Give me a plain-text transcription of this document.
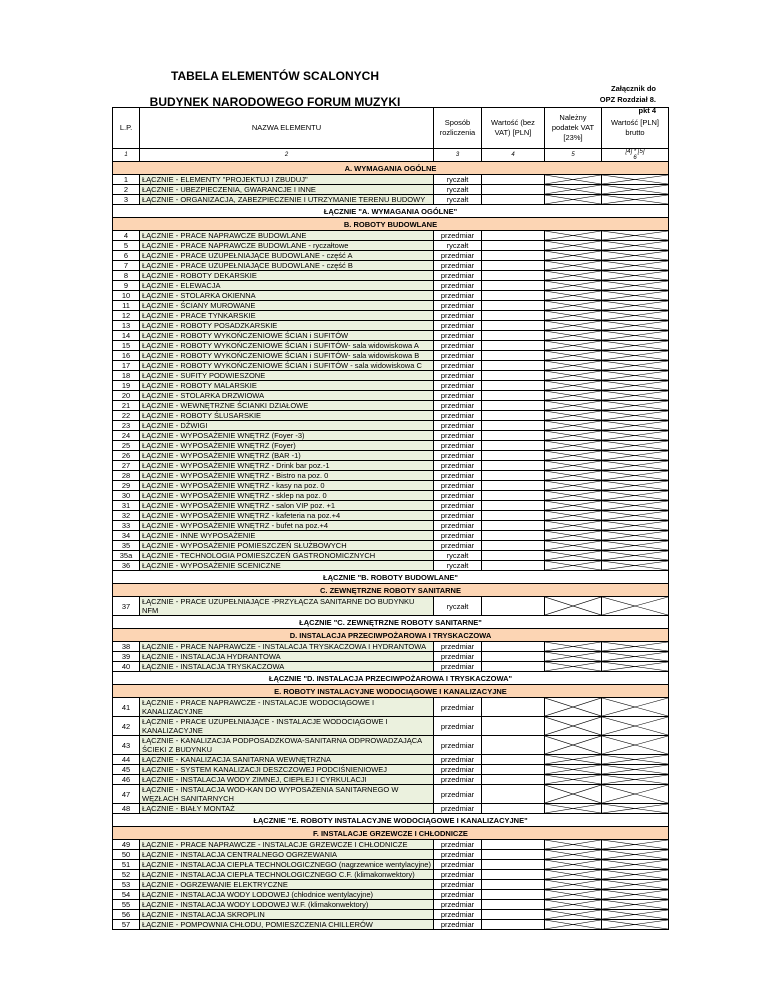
TABELA ELEMENTÓW SCALONYCH
BUDYNEK NARODOWEGO FORUM MUZYKI
Załącznik do
OPZ Rozdział 8.
pkt 4
L.P.	NAZWA ELEMENTU	Sposób rozliczenia	Wartość (bez VAT) [PLN]	Należny podatek VAT [23%]	Wartość [PLN] brutto
1	2	3	4	5	[4] * [5]
6

A. WYMAGANIA OGÓLNE					
1	ŁĄCZNIE - ELEMENTY "PROJEKTUJ I ZBUDUJ"	ryczałt		

2	ŁĄCZNIE - UBEZPIECZENIA, GWARANCJE I INNE	ryczałt		

3	ŁĄCZNIE - ORGANIZACJA, ZABEZPIECZENIE I UTRZYMANIE TERENU BUDOWY	ryczałt		

ŁĄCZNIE "A. WYMAGANIA OGÓLNE"					
B. ROBOTY BUDOWLANE					
4	ŁĄCZNIE - PRACE NAPRAWCZE BUDOWLANE	przedmiar		

5	ŁĄCZNIE - PRACE NAPRAWCZE BUDOWLANE - ryczałtowe	ryczałt		

6	ŁĄCZNIE - PRACE UZUPEŁNIAJĄCE BUDOWLANE - część A	przedmiar		

7	ŁĄCZNIE - PRACE UZUPEŁNIAJĄCE BUDOWLANE - część B	przedmiar		

8	ŁĄCZNIE - ROBOTY DEKARSKIE	przedmiar		

9	ŁĄCZNIE - ELEWACJA	przedmiar		

10	ŁĄCZNIE - STOLARKA OKIENNA	przedmiar		

11	ŁĄCZNIE - ŚCIANY MUROWANE	przedmiar		

12	ŁĄCZNIE - PRACE TYNKARSKIE	przedmiar		

13	ŁĄCZNIE - ROBOTY POSADZKARSKIE	przedmiar		

14	ŁĄCZNIE - ROBOTY WYKOŃCZENIOWE ŚCIAN i SUFITÓW	przedmiar		

15	ŁĄCZNIE - ROBOTY WYKOŃCZENIOWE ŚCIAN i SUFITÓW- sala widowiskowa A	przedmiar		

16	ŁĄCZNIE - ROBOTY WYKOŃCZENIOWE ŚCIAN i SUFITÓW- sala widowiskowa B	przedmiar		

17	ŁĄCZNIE - ROBOTY WYKOŃCZENIOWE ŚCIAN i SUFITÓW - sala widowiskowa C	przedmiar		

18	ŁĄCZNIE - SUFITY PODWIESZONE	przedmiar		

19	ŁĄCZNIE - ROBOTY MALARSKIE	przedmiar		

20	ŁĄCZNIE - STOLARKA DRZWIOWA	przedmiar		

21	ŁĄCZNIE - WEWNĘTRZNE ŚCIANKI DZIAŁOWE	przedmiar		

22	ŁĄCZNIE - ROBOTY ŚLUSARSKIE	przedmiar		

23	ŁĄCZNIE - DŹWIGI	przedmiar		

24	ŁĄCZNIE - WYPOSAŻENIE WNĘTRZ (Foyer -3)	przedmiar		

25	ŁĄCZNIE - WYPOSAŻENIE WNĘTRZ (Foyer)	przedmiar		

26	ŁĄCZNIE - WYPOSAŻENIE WNĘTRZ (BAR -1)	przedmiar		

27	ŁĄCZNIE - WYPOSAŻENIE WNĘTRZ - Drink bar poz.-1	przedmiar		

28	ŁĄCZNIE - WYPOSAŻENIE WNĘTRZ - Bistro na poz. 0	przedmiar		

29	ŁĄCZNIE - WYPOSAŻENIE WNĘTRZ - kasy na poz. 0	przedmiar		

30	ŁĄCZNIE - WYPOSAŻENIE WNĘTRZ - sklep na poz. 0	przedmiar		

31	ŁĄCZNIE - WYPOSAŻENIE WNĘTRZ - salon VIP poz. +1	przedmiar		

32	ŁĄCZNIE - WYPOSAŻENIE WNĘTRZ - kafeteria na poz.+4	przedmiar		

33	ŁĄCZNIE - WYPOSAŻENIE WNĘTRZ - bufet na poz.+4	przedmiar		

34	ŁĄCZNIE - INNE WYPOSAŻENIE	przedmiar		

35	ŁĄCZNIE - WYPOSAŻENIE POMIESZCZEŃ SŁUŻBOWYCH	przedmiar		

35a	ŁĄCZNIE - TECHNOLOGIA POMIESZCZEŃ GASTRONOMICZNYCH	ryczałt		

36	ŁĄCZNIE - WYPOSAŻENIE SCENICZNE	ryczałt		

ŁĄCZNIE "B. ROBOTY BUDOWLANE"					
C. ZEWNĘTRZNE ROBOTY SANITARNE					
37	ŁĄCZNIE - PRACE UZUPEŁNIAJĄCE -PRZYŁĄCZA SANITARNE DO BUDYNKU NFM	ryczałt		

ŁĄCZNIE "C. ZEWNĘTRZNE ROBOTY SANITARNE"					
D. INSTALACJA PRZECIWPOŻAROWA I TRYSKACZOWA					
38	ŁĄCZNIE - PRACE NAPRAWCZE - INSTALACJA TRYSKACZOWA I HYDRANTOWA	przedmiar		

39	ŁĄCZNIE - INSTALACJA HYDRANTOWA	przedmiar		

40	ŁĄCZNIE - INSTALACJA TRYSKACZOWA	przedmiar		

ŁĄCZNIE "D. INSTALACJA PRZECIWPOŻAROWA I TRYSKACZOWA"					
E. ROBOTY INSTALACYJNE WODOCIĄGOWE I KANALIZACYJNE					
41	ŁĄCZNIE - PRACE NAPRAWCZE - INSTALACJE WODOCIĄGOWE I KANALIZACYJNE	przedmiar		

42	ŁĄCZNIE - PRACE UZUPEŁNIAJĄCE - INSTALACJE WODOCIĄGOWE I KANALIZACYJNE	przedmiar		

43	ŁĄCZNIE - KANALIZACJA PODPOSADZKOWA-SANITARNA ODPROWADZAJĄCA ŚCIEKI Z BUDYNKU	przedmiar		

44	ŁĄCZNIE - KANALIZACJA SANITARNA WEWNĘTRZNA	przedmiar		

45	ŁĄCZNIE - SYSTEM KANALIZACJI DESZCZOWEJ PODCIŚNIENIOWEJ	przedmiar		

46	ŁĄCZNIE - INSTALACJA WODY ZIMNEJ, CIEPŁEJ I CYRKULACJI	przedmiar		

47	ŁĄCZNIE - INSTALACJA WOD-KAN DO WYPOSAŻENIA SANITARNEGO W WĘZŁACH SANITARNYCH	przedmiar		

48	ŁĄCZNIE - BIAŁY MONTAŻ	przedmiar		

ŁĄCZNIE "E. ROBOTY INSTALACYJNE WODOCIĄGOWE I KANALIZACYJNE"					
F. INSTALACJE GRZEWCZE I CHŁODNICZE					
49	ŁĄCZNIE - PRACE NAPRAWCZE - INSTALACJE GRZEWCZE I CHŁODNICZE	przedmiar		

50	ŁĄCZNIE - INSTALACJA CENTRALNEGO OGRZEWANIA	przedmiar		

51	ŁĄCZNIE - INSTALACJA CIEPŁA TECHNOLOGICZNEGO (nagrzewnice wentylacyjne)	przedmiar		

52	ŁĄCZNIE - INSTALACJA CIEPŁA TECHNOLOGICZNEGO C.F. (klimakonwektory)	przedmiar		

53	ŁĄCZNIE - OGRZEWANIE ELEKTRYCZNE	przedmiar		

54	ŁĄCZNIE - INSTALACJA WODY LODOWEJ (chłodnice wentylacyjne)	przedmiar		

55	ŁĄCZNIE - INSTALACJA WODY LODOWEJ W.F. (klimakonwektory)	przedmiar		

56	ŁĄCZNIE - INSTALACJA SKROPLIN	przedmiar		

57	ŁĄCZNIE - POMPOWNIA CHŁODU, POMIESZCZENIA CHILLERÓW	przedmiar		
